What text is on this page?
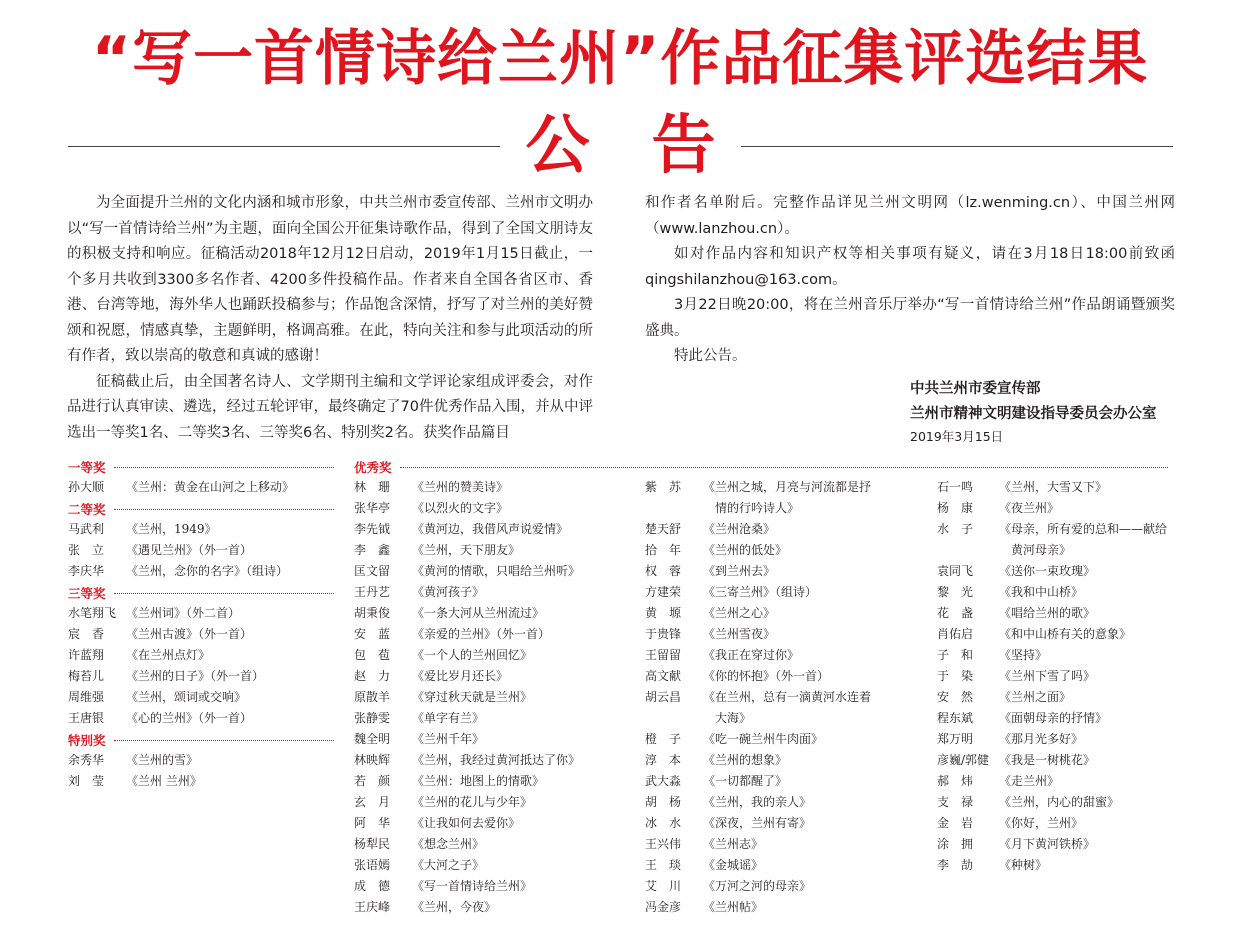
“写一首情诗给兰州”作品征集评选结果
公告

为全面提升兰州的文化内涵和城市形象，中共兰州市委宣传部、兰州市文明办以“写一首情诗给兰州”为主题，面向全国公开征集诗歌作品，得到了全国文朋诗友的积极支持和响应。征稿活动2018年12月12日启动，2019年1月15日截止，一个多月共收到3300多名作者、4200多件投稿作品。作者来自全国各省区市、香港、台湾等地，海外华人也踊跃投稿参与；作品饱含深情，抒写了对兰州的美好赞颂和祝愿，情感真挚，主题鲜明，格调高雅。在此，特向关注和参与此项活动的所有作者，致以崇高的敬意和真诚的感谢！

征稿截止后，由全国著名诗人、文学期刊主编和文学评论家组成评委会，对作品进行认真审读、遴选，经过五轮评审，最终确定了70件优秀作品入围，并从中评选出一等奖1名、二等奖3名、三等奖6名、特别奖2名。获奖作品篇目

和作者名单附后。完整作品详见兰州文明网（lz.wenming.cn）、中国兰州网（www.lanzhou.cn）。

如对作品内容和知识产权等相关事项有疑义，请在3月18日18:00前致函qingshilanzhou@163.com。

3月22日晚20:00，将在兰州音乐厅举办“写一首情诗给兰州”作品朗诵暨颁奖盛典。

特此公告。

中共兰州市委宣传部
兰州市精神文明建设指导委员会办公室
2019年3月15日
一等奖
孙大顺 《兰州：黄金在山河之上移动》
二等奖
马武利 《兰州，1949》
张　立 《遇见兰州》（外一首）
李庆华 《兰州，念你的名字》（组诗）
三等奖
水笔翔飞 《兰州词》（外二首）
宸　香 《兰州古渡》（外一首）
许蓝翔 《在兰州点灯》
梅苔儿 《兰州的日子》（外一首）
周维强 《兰州，颂词或交响》
王唐银 《心的兰州》（外一首）
特别奖
余秀华 《兰州的雪》
刘　莹 《兰州 兰州》
优秀奖
林　珊 《兰州的赞美诗》
张华亭 《以烈火的文字》
李先钺 《黄河边，我借风声说爱情》
李　鑫 《兰州，天下朋友》
匡文留 《黄河的情歌，只唱给兰州听》
王丹艺 《黄河孩子》
胡秉俊 《一条大河从兰州流过》
安　蓝 《亲爱的兰州》（外一首）
包　苞 《一个人的兰州回忆》
赵　力 《爱比岁月还长》
原散羊 《穿过秋天就是兰州》
张静雯 《单字有兰》
魏全明 《兰州千年》
林映辉 《兰州，我经过黄河抵达了你》
若　颜 《兰州：地图上的情歌》
玄　月 《兰州的花儿与少年》
阿　华 《让我如何去爱你》
杨犁民 《想念兰州》
张语嫣 《大河之子》
成　德 《写一首情诗给兰州》
王庆峰 《兰州，今夜》
紫　苏 《兰州之城，月亮与河流都是抒
情的行吟诗人》
楚天舒 《兰州沧桑》
拾　年 《兰州的低处》
权　蓉 《到兰州去》
方建荣 《三寄兰州》（组诗）
黄　塬 《兰州之心》
于贵锋 《兰州雪夜》
王留留 《我正在穿过你》
高文献 《你的怀抱》（外一首）
胡云昌 《在兰州，总有一滴黄河水连着
大海》
橙　子 《吃一碗兰州牛肉面》
淳　本 《兰州的想象》
武大淼 《一切都醒了》
胡　杨 《兰州，我的亲人》
冰　水 《深夜，兰州有寄》
王兴伟 《兰州志》
王　琰 《金城谣》
艾　川 《万河之河的母亲》
冯金彦 《兰州帖》
石一鸣 《兰州，大雪又下》
杨　康 《夜兰州》
水　子 《母亲，所有爱的总和——献给
黄河母亲》
袁同飞 《送你一束玫瑰》
黎　光 《我和中山桥》
花　盏 《唱给兰州的歌》
肖佑启 《和中山桥有关的意象》
子　和 《坚持》
于　染 《兰州下雪了吗》
安　然 《兰州之面》
程东斌 《面朝母亲的抒情》
郑万明 《那月光多好》
彦巍/郭健 《我是一树桃花》
郝　炜 《走兰州》
支　禄 《兰州，内心的甜蜜》
金　岩 《你好，兰州》
涂　拥 《月下黄河铁桥》
李　劼 《种树》
